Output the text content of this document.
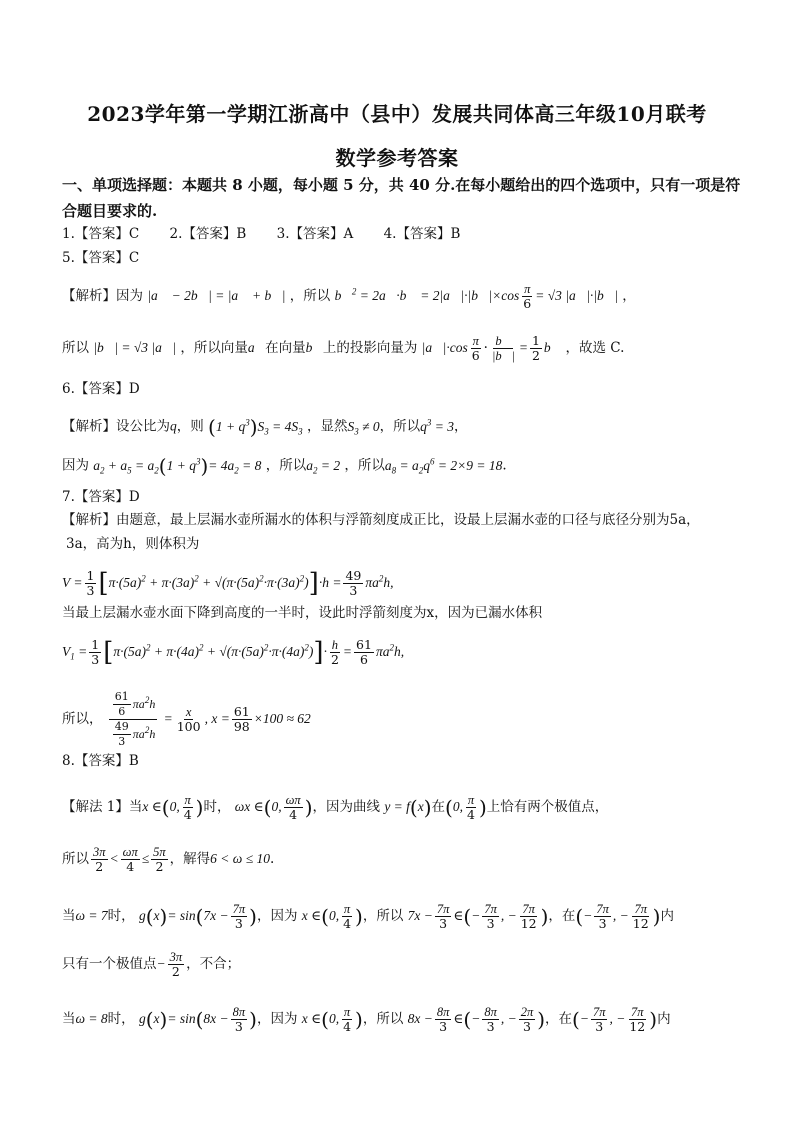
2023学年第一学期江浙高中（县中）发展共同体高三年级10月联考
数学参考答案
一、单项选择题：本题共 8 小题，每小题 5 分，共 40 分.在每小题给出的四个选项中，只有一项是符合题目要求的.
1.【答案】C 2.【答案】B 3.【答案】A 4.【答案】B
5.【答案】C
【解析】因为 |a⃗ − 2b⃗| = |a⃗ + b⃗| ，所以 b⃗$^2$ = 2a⃗·b⃗ = 2|a⃗|·|b⃗|×cos $\frac{\pi}{6} = √3$ |a⃗|·|b⃗| ，
所以 |b⃗| = √3 |a⃗| ，所以向量a⃗在向量b⃗上的投影向量为 |a⃗|·cos $\frac{\pi}{6} \cdot \frac{b⃗}{|b⃗|} = \frac{1}{2}$ b⃗ ，故选 C.
6.【答案】D
【解析】设公比为q，则 $(1 + q^3)S_3 = 4S_3$ ，显然$S_3 \ne 0$，所以$q^3 = 3$，
因为 $a_2 + a_5 = a_2(1 + q^3)= 4a_2 = 8$ ，所以$a_2 = 2$ ，所以$a_8 = a_2q^6 = 2\times 9 = 18$.
7.【答案】D
【解析】由题意，最上层漏水壶所漏水的体积与浮箭刻度成正比，设最上层漏水壶的口径与底径分别为5a，
3a，高为h，则体积为
$V = \frac{1}{3} [\pi\cdot(5a)^2 + \pi\cdot(3a)^2 + √(\pi\cdot(5a)^2\cdot\pi\cdot(3a)^2)]\cdot h = \frac{49}{3} \pi a^2h$,
当最上层漏水壶水面下降到高度的一半时，设此时浮箭刻度为x，因为已漏水体积
$V_1 = \frac{1}{3} [\pi\cdot(5a)^2 + \pi\cdot(4a)^2 + √(\pi\cdot(5a)^2\cdot\pi\cdot(4a)^2)]\cdot \frac{h}{2} = \frac{61}{6} \pi a^2h$,
所以， $\frac{\frac{61}{6} \pi a^2h}{\frac{49}{3} \pi a^2h} = \frac{x}{100}$ , $x = \frac{61}{98} \times 100 \approx 62$
8.【答案】B
【解法 1】当x ∈(0, $\frac{\pi}{4}$ )时， ωx ∈(0, $\frac{\omega\pi}{4}$ )，因为曲线 y = f(x)在(0, $\frac{\pi}{4}$ )上恰有两个极值点，
所以 $\frac{3\pi}{2} < \frac{\omega\pi}{4} \le \frac{5\pi}{2}$ ，解得6 < ω ≤ 10.
当ω = 7时， $g(x)= \sin(7x - \frac{7\pi}{3}$ )，因为 x ∈(0, $\frac{\pi}{4}$ )，所以 $7x - \frac{7\pi}{3}$ ∈(− $\frac{7\pi}{3}$ , − $\frac{7\pi}{12}$ )，在(− $\frac{7\pi}{3}$ , − $\frac{7\pi}{12}$ )内
只有一个极值点− $\frac{3\pi}{2}$ ，不合；
当ω = 8时， $g(x)= \sin(8x - \frac{8\pi}{3}$ )，因为 x ∈(0, $\frac{\pi}{4}$ )，所以 $8x - \frac{8\pi}{3}$ ∈(− $\frac{8\pi}{3}$ , − $\frac{2\pi}{3}$ )，在(− $\frac{7\pi}{3}$ , − $\frac{7\pi}{12}$ )内
